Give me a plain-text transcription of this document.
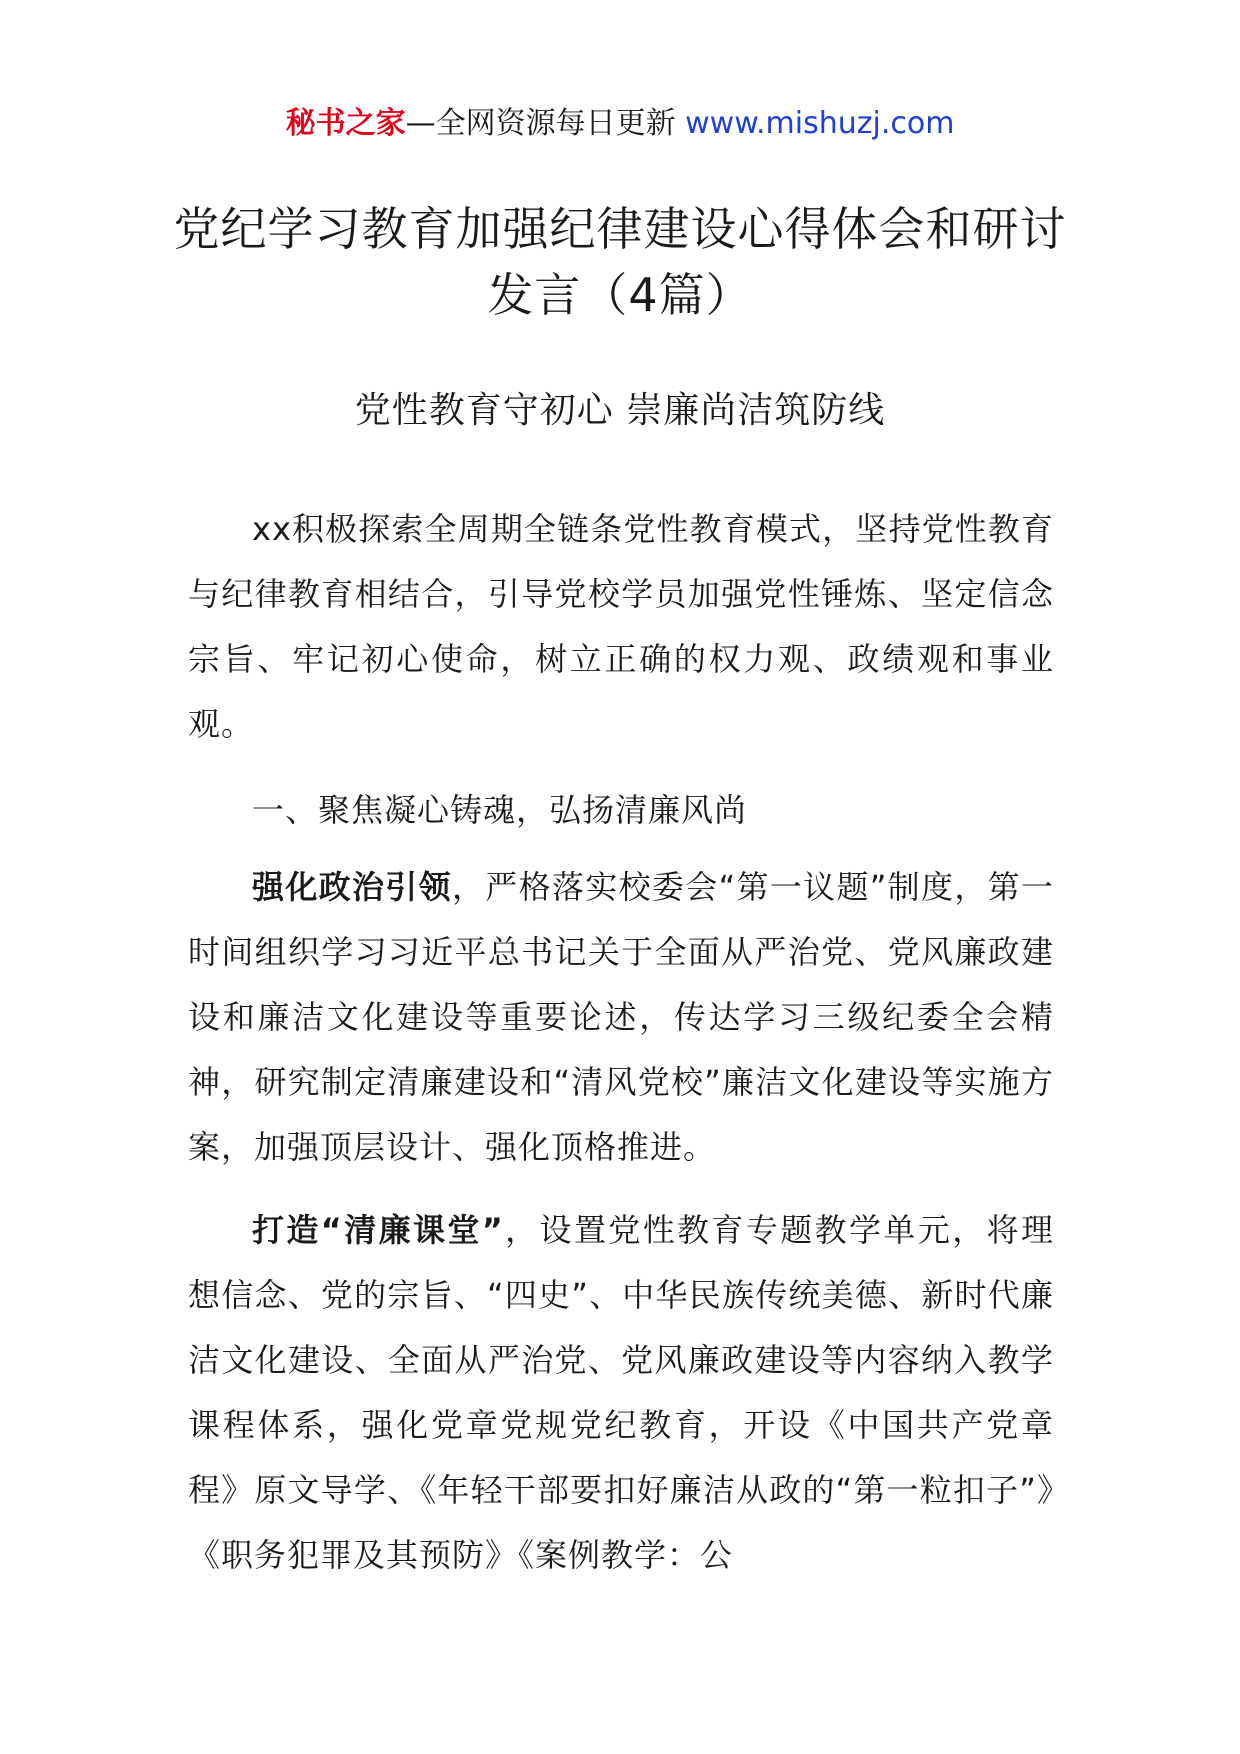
秘书之家—全网资源每日更新 www.mishuzj.com
党纪学习教育加强纪律建设心得体会和研讨发言（4篇）
党性教育守初心 崇廉尚洁筑防线

xx积极探索全周期全链条党性教育模式，坚持党性教育与纪律教育相结合，引导党校学员加强党性锤炼、坚定信念宗旨、牢记初心使命，树立正确的权力观、政绩观和事业观。

一、聚焦凝心铸魂，弘扬清廉风尚

强化政治引领，严格落实校委会“第一议题”制度，第一时间组织学习习近平总书记关于全面从严治党、党风廉政建设和廉洁文化建设等重要论述，传达学习三级纪委全会精神，研究制定清廉建设和“清风党校”廉洁文化建设等实施方案，加强顶层设计、强化顶格推进。

打造“清廉课堂”，设置党性教育专题教学单元，将理想信念、党的宗旨、“四史”、中华民族传统美德、新时代廉洁文化建设、全面从严治党、党风廉政建设等内容纳入教学课程体系，强化党章党规党纪教育，开设《中国共产党章程》原文导学、《年轻干部要扣好廉洁从政的“第一粒扣子”》《职务犯罪及其预防》《案例教学：公
